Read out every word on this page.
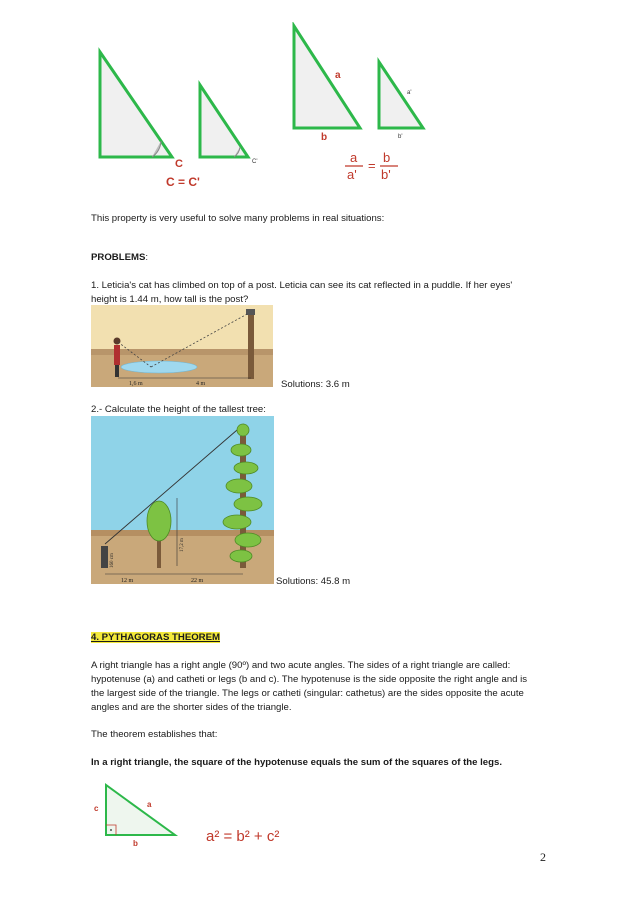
C	C'
C = C'
a
b
a'
b'
a
a'
=
b
b'
This property is very useful to solve many problems in real situations:
PROBLEMS:
1. Leticia's cat has climbed on top of a post. Leticia can see its cat reflected in a puddle. If her eyes'
height is 1.44 m, how tall is the post?
1,6 m	4 m	Solutions: 3.6 m
2.- Calculate the height of the tallest tree:
12 m	22 m
160 cm
17,2 m
Solutions: 45.8 m
4. PYTHAGORAS THEOREM
A right triangle has a right angle (90º) and two acute angles. The sides of a right triangle are called:
hypotenuse (a) and catheti or legs (b and c). The hypotenuse is the side opposite the right angle and is
the largest side of the triangle. The legs or catheti (singular: cathetus) are the sides opposite the acute
angles and are the shorter sides of the triangle.
The theorem establishes that:
In a right triangle, the square of the hypotenuse equals the sum of the squares of the legs.
a
b
c
a² = b² + c²
2
